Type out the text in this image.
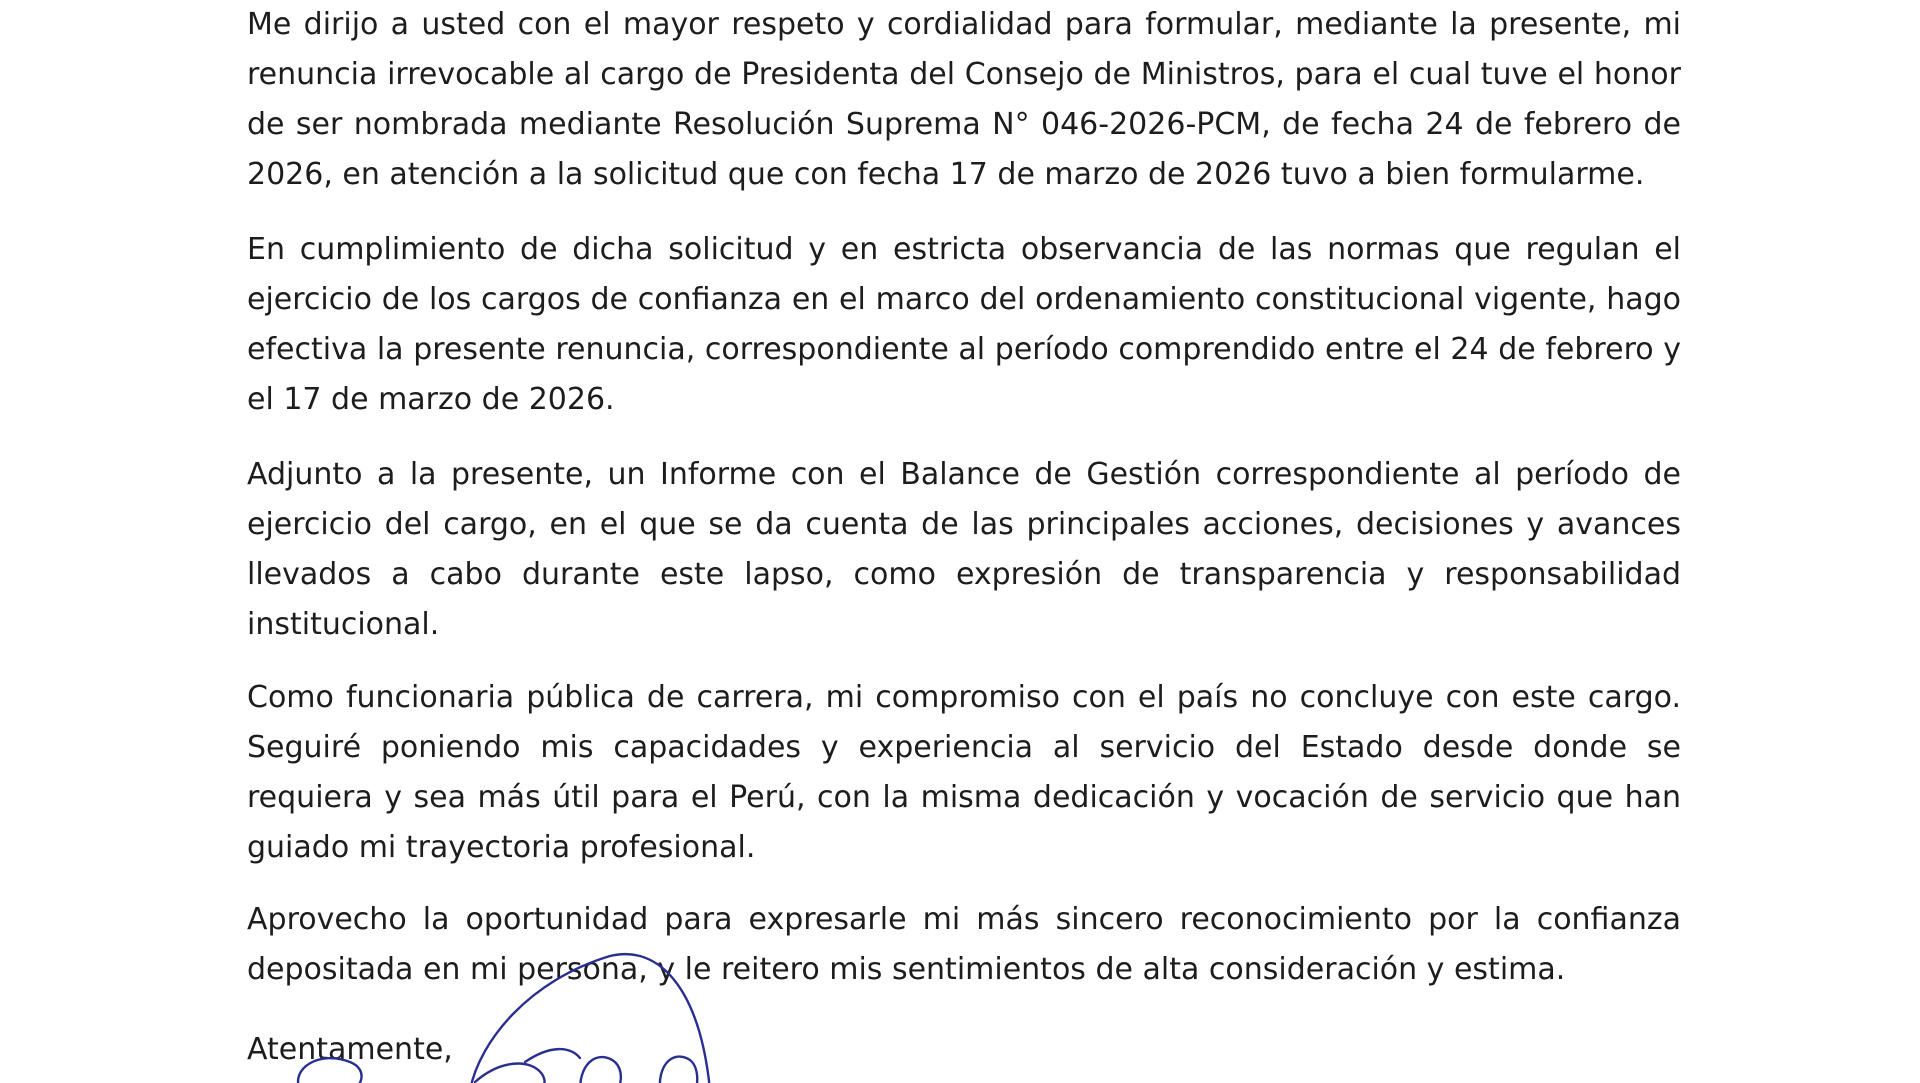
Me dirijo a usted con el mayor respeto y cordialidad para formular, mediante la presente, mi renuncia irrevocable al cargo de Presidenta del Consejo de Ministros, para el cual tuve el honor de ser nombrada mediante Resolución Suprema N° 046-2026-PCM, de fecha 24 de febrero de 2026, en atención a la solicitud que con fecha 17 de marzo de 2026 tuvo a bien formularme.

En cumplimiento de dicha solicitud y en estricta observancia de las normas que regulan el ejercicio de los cargos de confianza en el marco del ordenamiento constitucional vigente, hago efectiva la presente renuncia, correspondiente al período comprendido entre el 24 de febrero y el 17 de marzo de 2026.

Adjunto a la presente, un Informe con el Balance de Gestión correspondiente al período de ejercicio del cargo, en el que se da cuenta de las principales acciones, decisiones y avances llevados a cabo durante este lapso, como expresión de transparencia y responsabilidad institucional.

Como funcionaria pública de carrera, mi compromiso con el país no concluye con este cargo. Seguiré poniendo mis capacidades y experiencia al servicio del Estado desde donde se requiera y sea más útil para el Perú, con la misma dedicación y vocación de servicio que han guiado mi trayectoria profesional.

Aprovecho la oportunidad para expresarle mi más sincero reconocimiento por la confianza depositada en mi persona, y le reitero mis sentimientos de alta consideración y estima.

Atentamente,
